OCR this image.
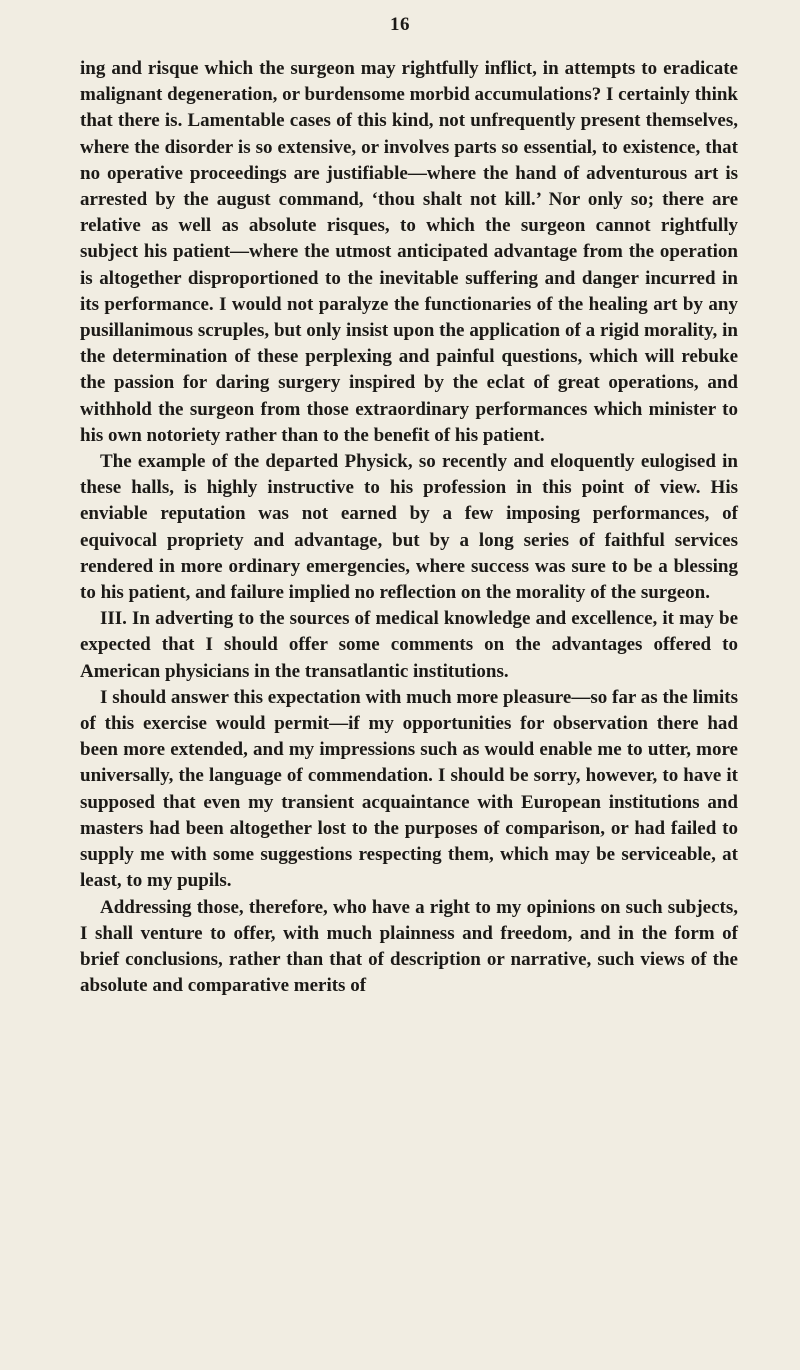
16

ing and risque which the surgeon may rightfully inflict, in attempts to eradicate malignant degeneration, or burdensome morbid accumulations? I certainly think that there is. Lamentable cases of this kind, not unfrequently present themselves, where the disorder is so extensive, or involves parts so essential, to existence, that no operative proceedings are justifiable—where the hand of adventurous art is arrested by the august command, ‘thou shalt not kill.’ Nor only so; there are relative as well as absolute risques, to which the surgeon cannot rightfully subject his patient—where the utmost anticipated advantage from the operation is altogether disproportioned to the inevitable suffering and danger incurred in its performance. I would not paralyze the functionaries of the healing art by any pusillanimous scruples, but only insist upon the application of a rigid morality, in the determination of these perplexing and painful questions, which will rebuke the passion for daring surgery inspired by the eclat of great operations, and withhold the surgeon from those extraordinary performances which minister to his own notoriety rather than to the benefit of his patient.

The example of the departed Physick, so recently and eloquently eulogised in these halls, is highly instructive to his profession in this point of view. His enviable reputation was not earned by a few imposing performances, of equivocal propriety and advantage, but by a long series of faithful services rendered in more ordinary emergencies, where success was sure to be a blessing to his patient, and failure implied no reflection on the morality of the surgeon.

III. In adverting to the sources of medical knowledge and excellence, it may be expected that I should offer some comments on the advantages offered to American physicians in the transatlantic institutions.

I should answer this expectation with much more pleasure—so far as the limits of this exercise would permit—if my opportunities for observation there had been more extended, and my impressions such as would enable me to utter, more universally, the language of commendation. I should be sorry, however, to have it supposed that even my transient acquaintance with European institutions and masters had been altogether lost to the purposes of comparison, or had failed to supply me with some suggestions respecting them, which may be serviceable, at least, to my pupils.

Addressing those, therefore, who have a right to my opinions on such subjects, I shall venture to offer, with much plainness and freedom, and in the form of brief conclusions, rather than that of description or narrative, such views of the absolute and comparative merits of
